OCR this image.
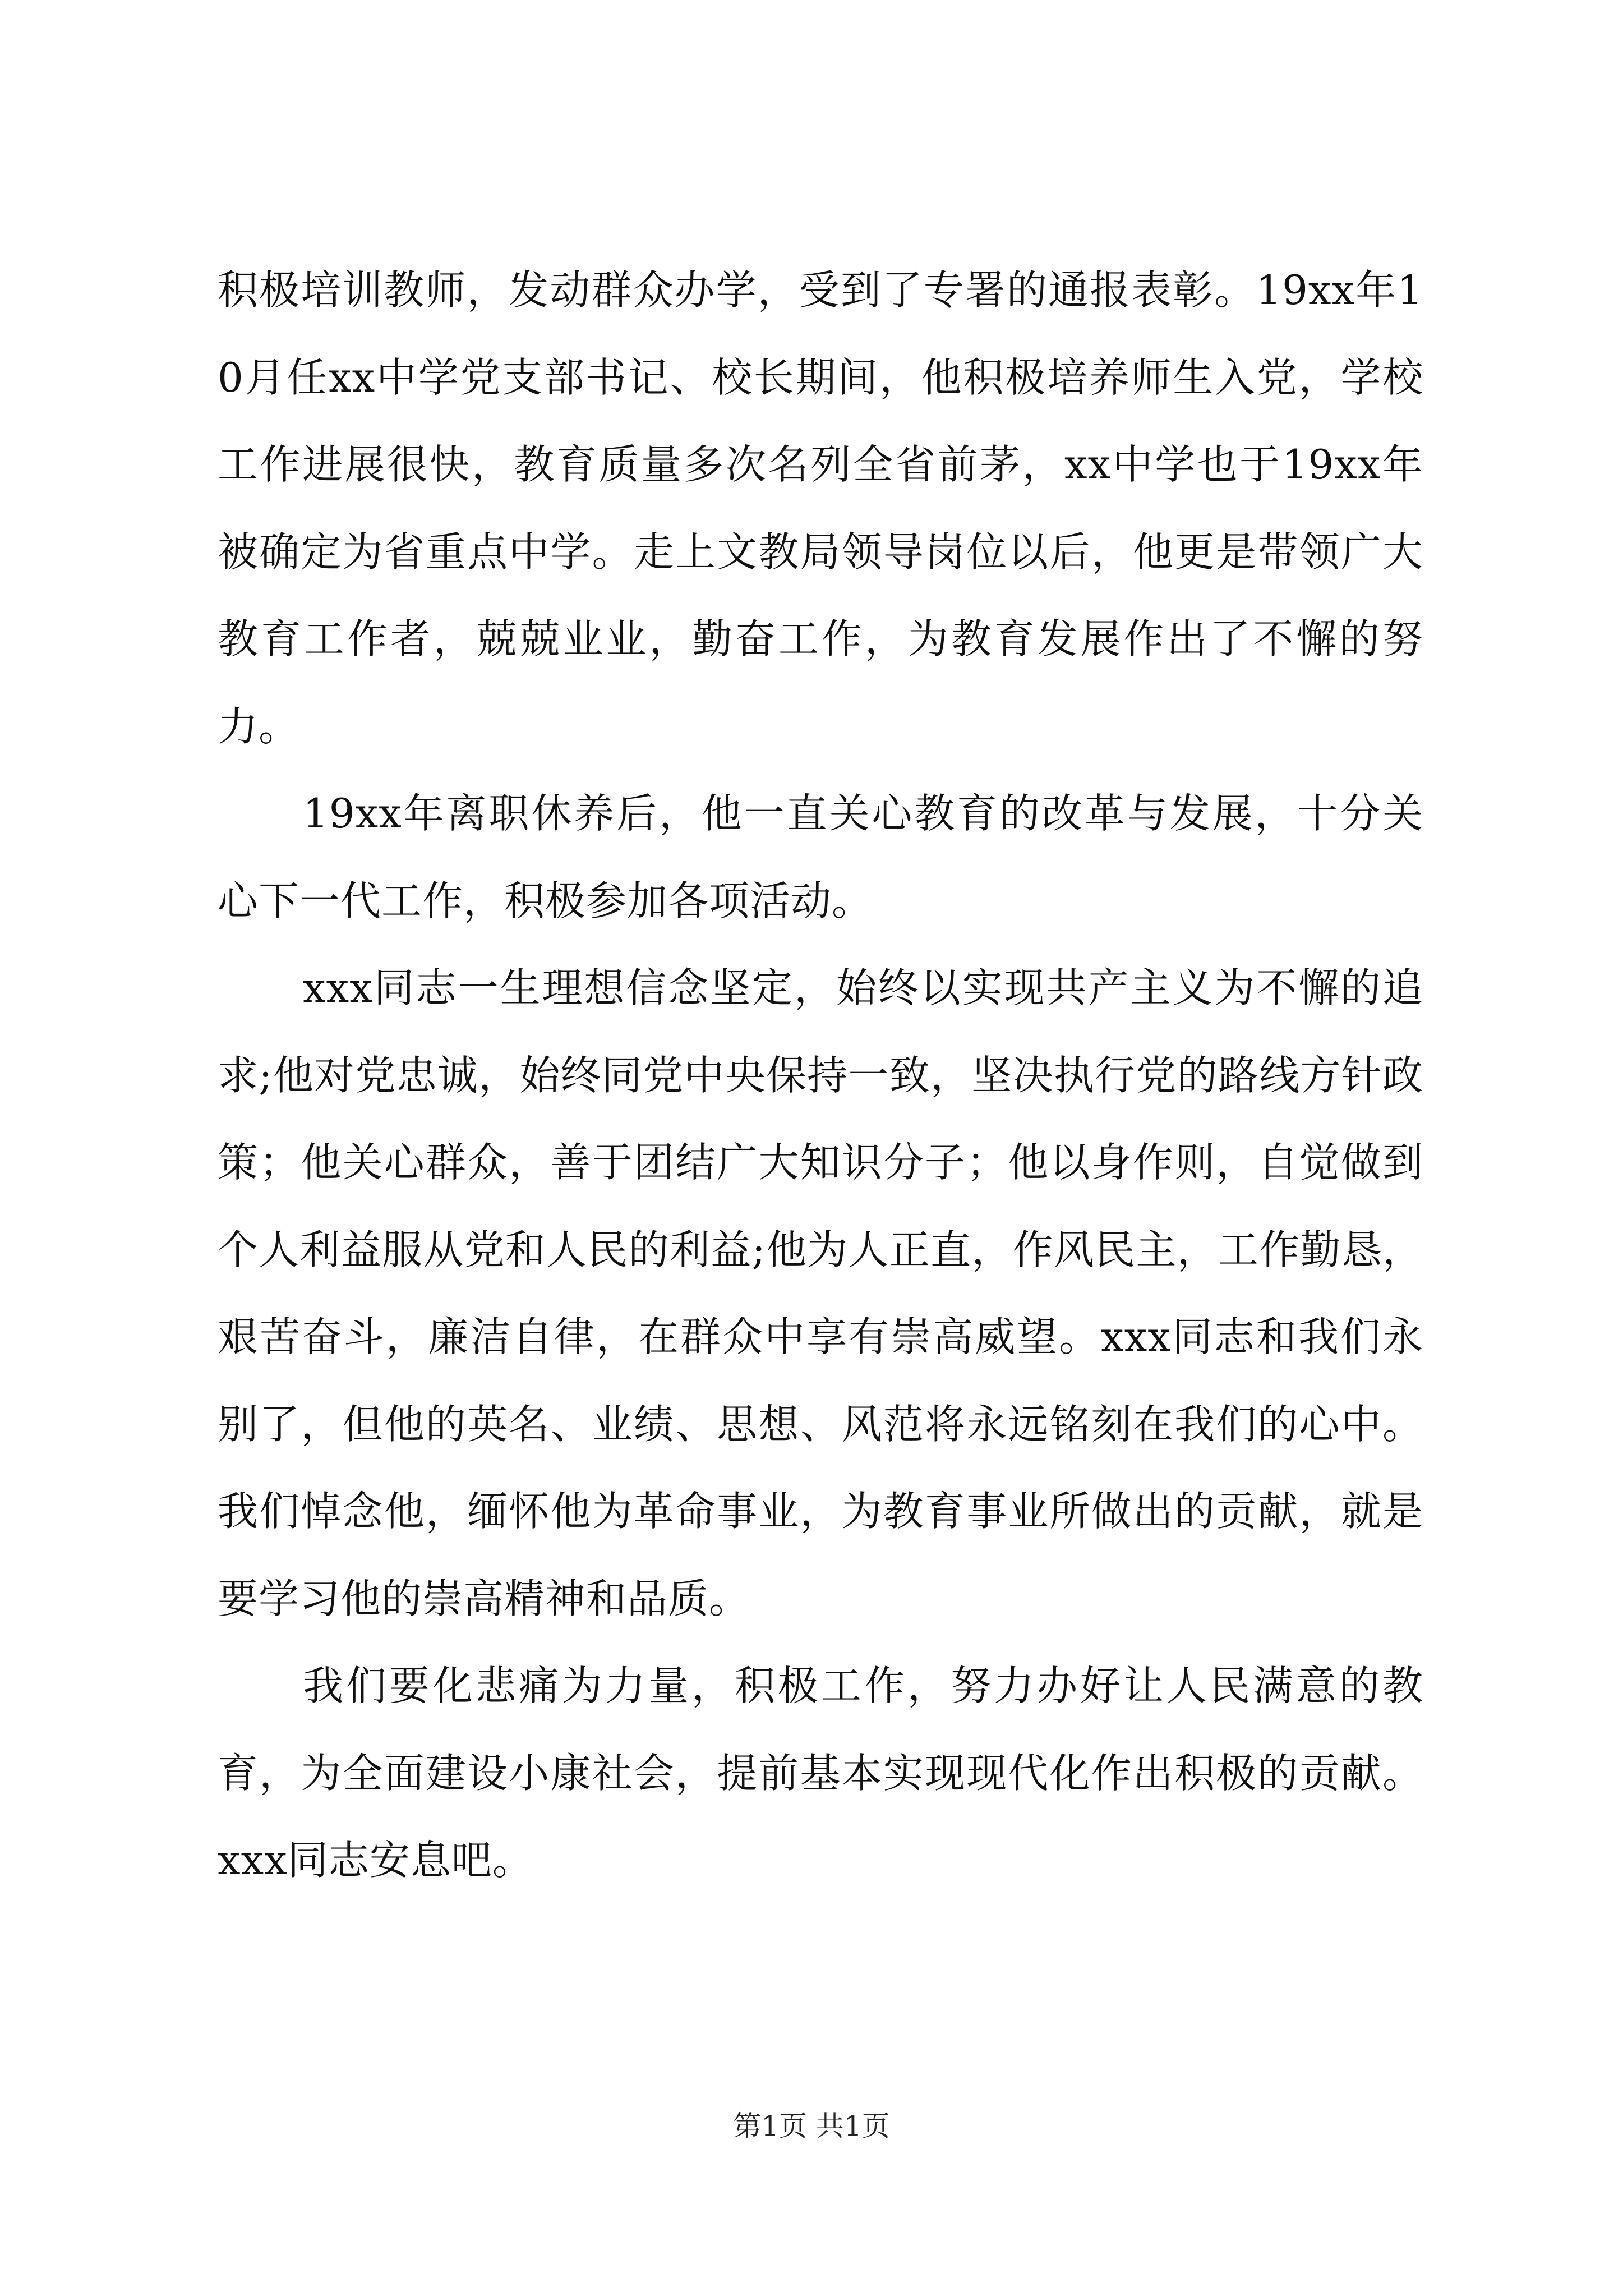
积极培训教师，发动群众办学，受到了专署的通报表彰。19xx年10月任xx中学党支部书记、校长期间，他积极培养师生入党，学校工作进展很快，教育质量多次名列全省前茅，xx中学也于19xx年被确定为省重点中学。走上文教局领导岗位以后，他更是带领广大教育工作者，兢兢业业，勤奋工作，为教育发展作出了不懈的努力。

19xx年离职休养后，他一直关心教育的改革与发展，十分关心下一代工作，积极参加各项活动。

xxx同志一生理想信念坚定，始终以实现共产主义为不懈的追求;他对党忠诚，始终同党中央保持一致，坚决执行党的路线方针政策；他关心群众，善于团结广大知识分子；他以身作则，自觉做到个人利益服从党和人民的利益;他为人正直，作风民主，工作勤恳，艰苦奋斗，廉洁自律，在群众中享有崇高威望。xxx同志和我们永别了，但他的英名、业绩、思想、风范将永远铭刻在我们的心中。我们悼念他，缅怀他为革命事业，为教育事业所做出的贡献，就是要学习他的崇高精神和品质。

我们要化悲痛为力量，积极工作，努力办好让人民满意的教育，为全面建设小康社会，提前基本实现现代化作出积极的贡献。xxx同志安息吧。

第1页 共1页
